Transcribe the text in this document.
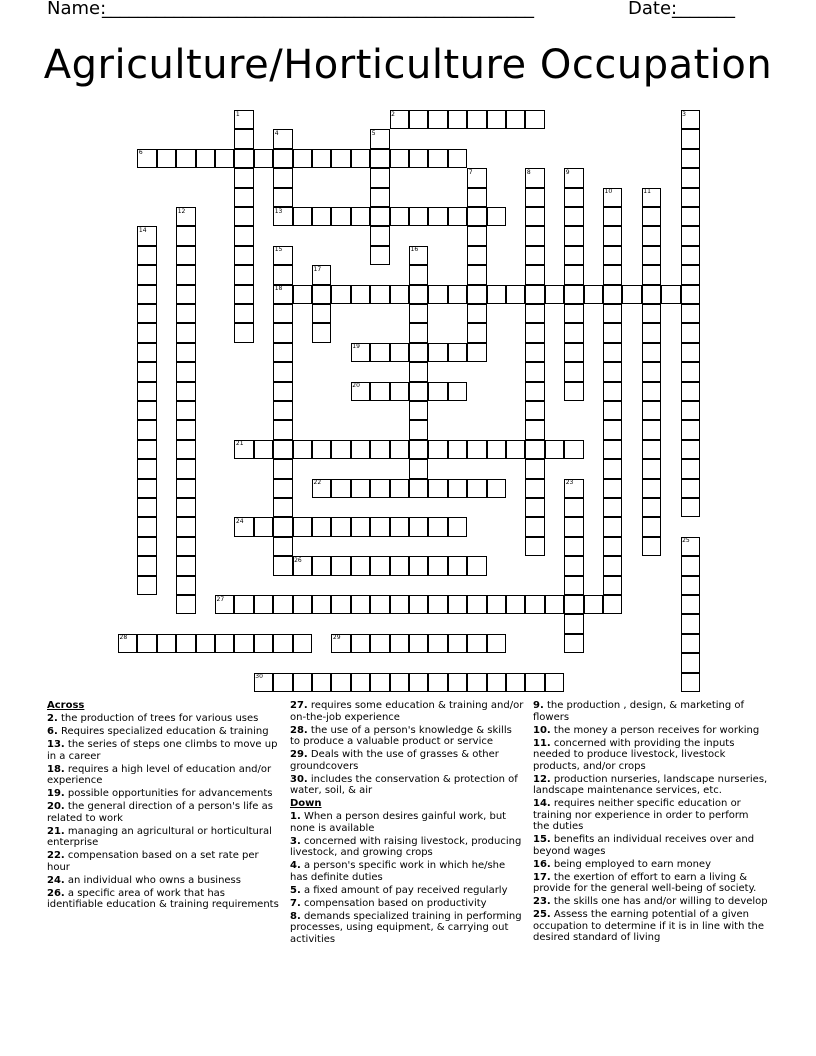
Name:
________________________________________________	Date:
_______
Agriculture/Horticulture Occupation
2
6
13
18
19
20
21
22
24
26
27
28	29
30
1	3
4	5
7	8	9
10	11
12
14
15	16
17
23
25
Across
2. the production of trees for various uses
6. Requires specialized education & training
13. the series of steps one climbs to move up in a career
18. requires a high level of education and/or experience
19. possible opportunities for advancements
20. the general direction of a person's life as related to work
21. managing an agricultural or horticultural enterprise
22. compensation based on a set rate per hour
24. an individual who owns a business
26. a specific area of work that has identifiable education & training requirements
27. requires some education & training and/or on-the-job experience
28. the use of a person's knowledge & skills to produce a valuable product or service
29. Deals with the use of grasses & other groundcovers
30. includes the conservation & protection of water, soil, & air
Down
1. When a person desires gainful work, but none is available
3. concerned with raising livestock, producing livestock, and growing crops
4. a person's specific work in which he/she has definite duties
5. a fixed amount of pay received regularly
7. compensation based on productivity
8. demands specialized training in performing processes, using equipment, & carrying out activities
9. the production , design, & marketing of flowers
10. the money a person receives for working
11. concerned with providing the inputs needed to produce livestock, livestock products, and/or crops
12. production nurseries, landscape nurseries, landscape maintenance services, etc.
14. requires neither specific education or training nor experience in order to perform the duties
15. benefits an individual receives over and beyond wages
16. being employed to earn money
17. the exertion of effort to earn a living & provide for the general well-being of society.
23. the skills one has and/or willing to develop
25. Assess the earning potential of a given occupation to determine if it is in line with the desired standard of living
